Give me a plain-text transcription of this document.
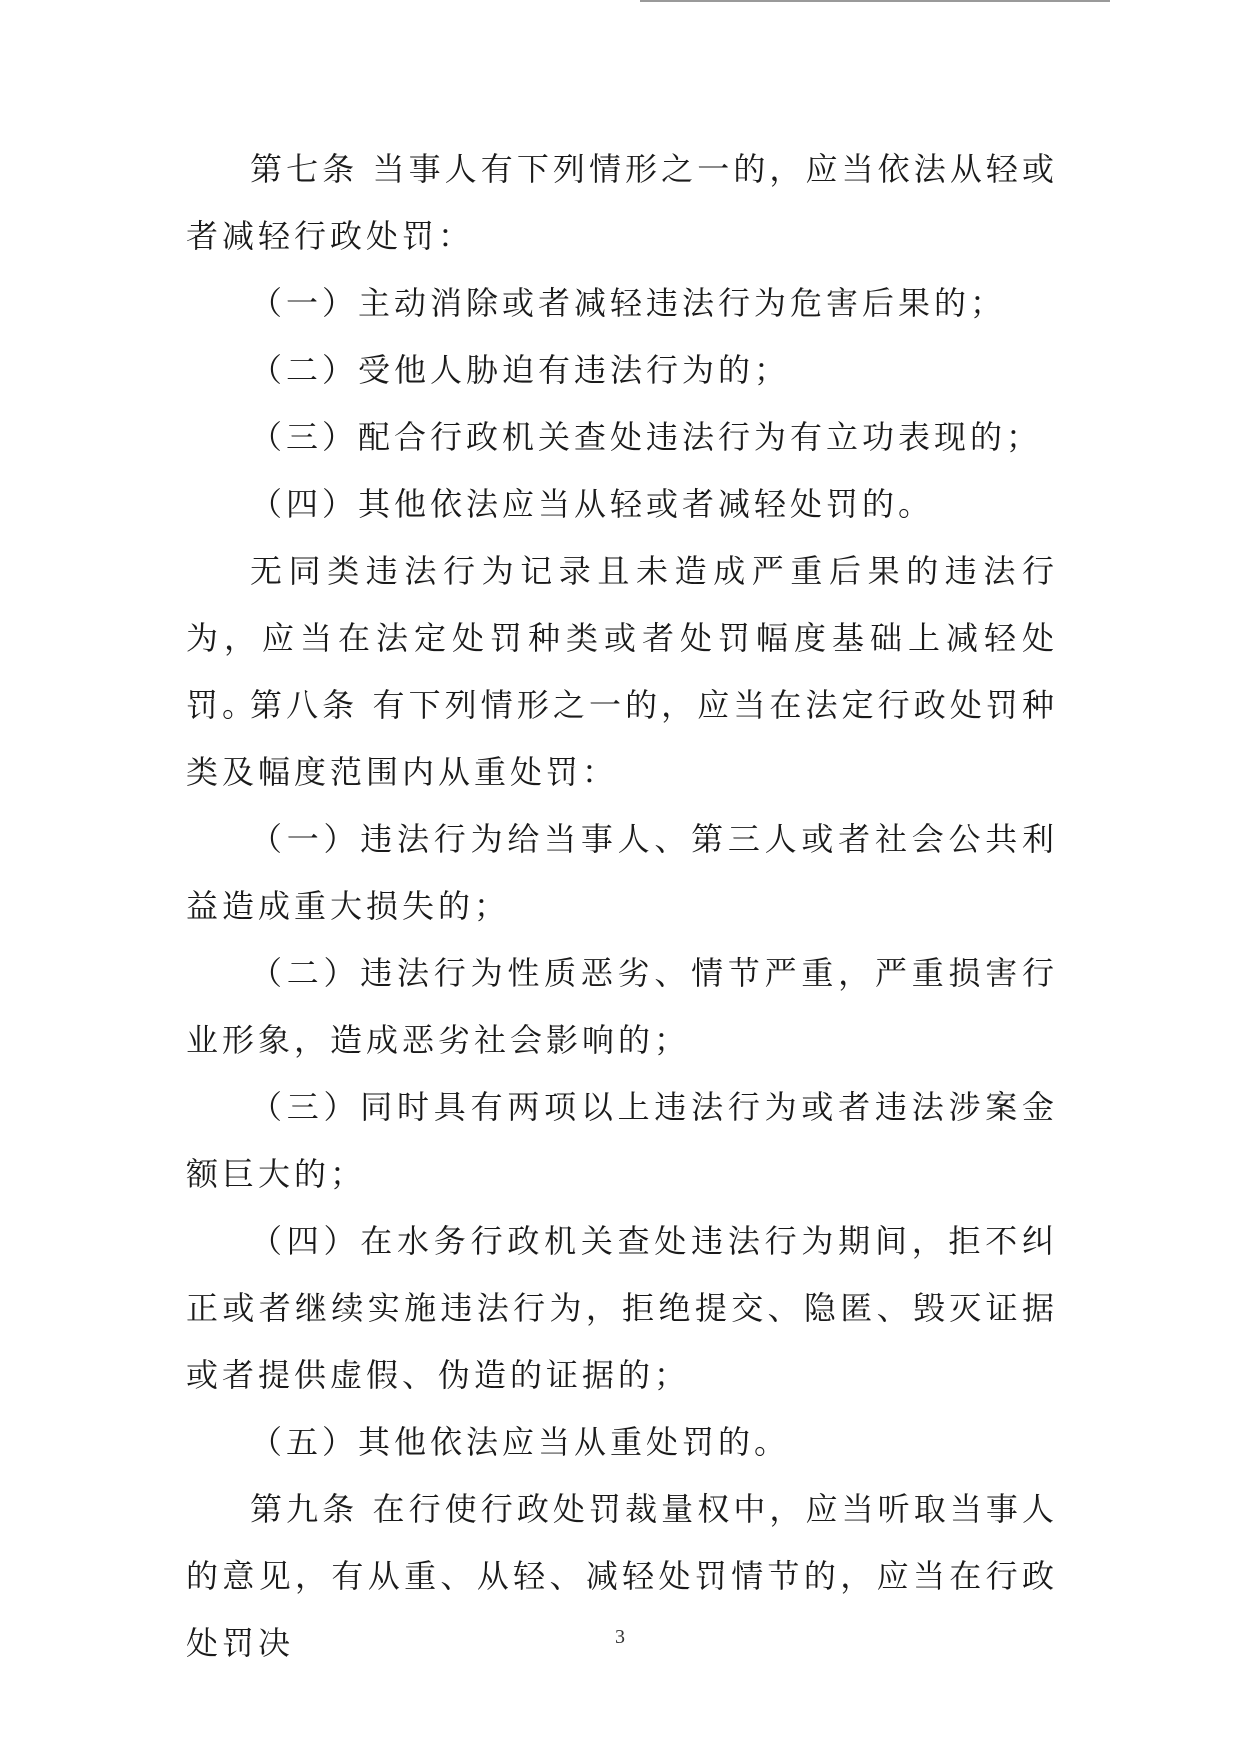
第七条 当事人有下列情形之一的，应当依法从轻或者减轻行政处罚：

（一）主动消除或者减轻违法行为危害后果的；

（二）受他人胁迫有违法行为的；

（三）配合行政机关查处违法行为有立功表现的；

（四）其他依法应当从轻或者减轻处罚的。

无同类违法行为记录且未造成严重后果的违法行为，应当在法定处罚种类或者处罚幅度基础上减轻处罚。

第八条 有下列情形之一的，应当在法定行政处罚种类及幅度范围内从重处罚：

（一）违法行为给当事人、第三人或者社会公共利益造成重大损失的；

（二）违法行为性质恶劣、情节严重，严重损害行业形象，造成恶劣社会影响的；

（三）同时具有两项以上违法行为或者违法涉案金额巨大的；

（四）在水务行政机关查处违法行为期间，拒不纠正或者继续实施违法行为，拒绝提交、隐匿、毁灭证据或者提供虚假、伪造的证据的；

（五）其他依法应当从重处罚的。

第九条 在行使行政处罚裁量权中，应当听取当事人的意见，有从重、从轻、减轻处罚情节的，应当在行政处罚决	3
